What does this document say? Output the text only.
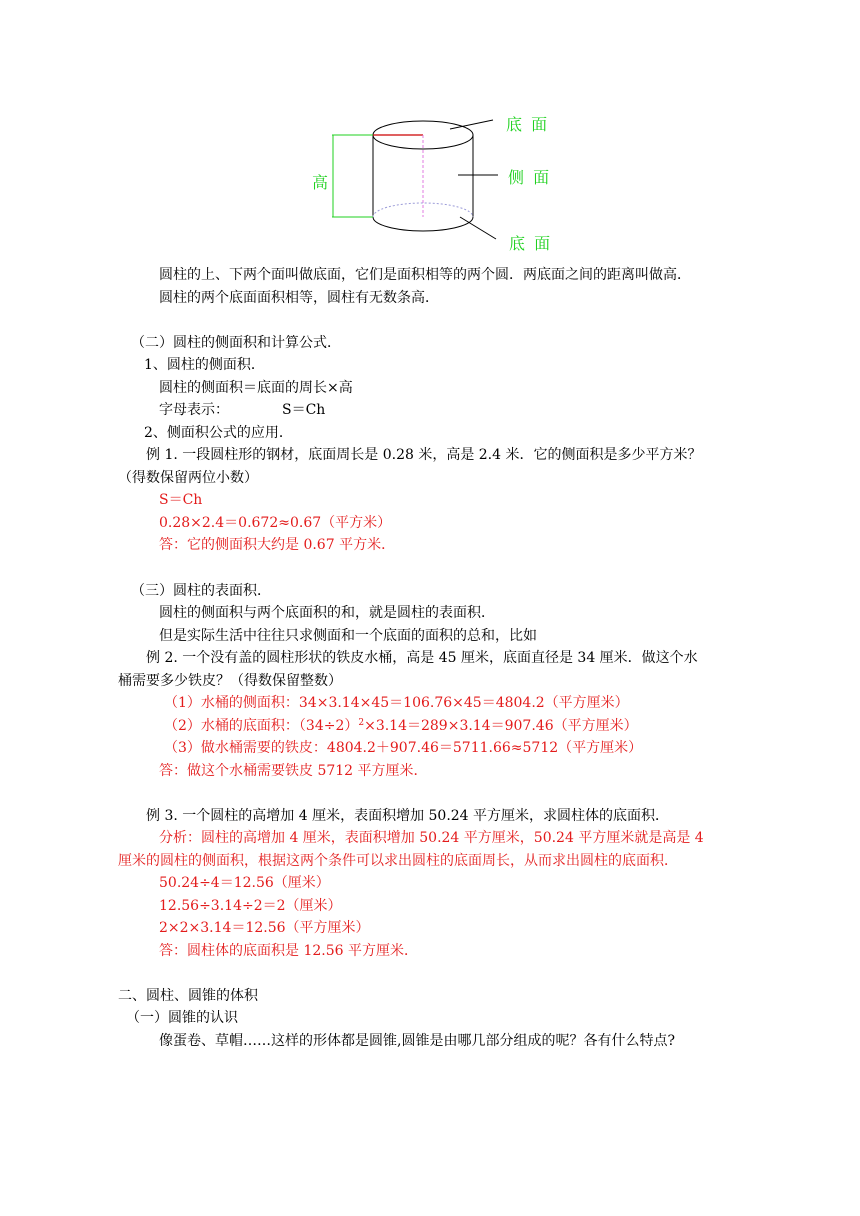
底 面
侧 面
底 面
高
圆柱的上、下两个面叫做底面，它们是面积相等的两个圆．两底面之间的距离叫做高．
圆柱的两个底面面积相等，圆柱有无数条高．
（二）圆柱的侧面积和计算公式．
1、圆柱的侧面积．
圆柱的侧面积＝底面的周长×高
字母表示：	S＝Ch
2、侧面积公式的应用．
例 1. 一段圆柱形的钢材，底面周长是 0.28 米，高是 2.4 米．它的侧面积是多少平方米？
（得数保留两位小数）
S＝Ch
0.28×2.4＝0.672≈0.67（平方米）
答：它的侧面积大约是 0.67 平方米．
（三）圆柱的表面积．
圆柱的侧面积与两个底面积的和，就是圆柱的表面积．
但是实际生活中往往只求侧面和一个底面的面积的总和，比如
例 2. 一个没有盖的圆柱形状的铁皮水桶，高是 45 厘米，底面直径是 34 厘米．做这个水
桶需要多少铁皮？（得数保留整数）
（1）水桶的侧面积：34×3.14×45＝106.76×45＝4804.2（平方厘米）
（2）水桶的底面积：$(34\div 2)^2\times 3.14=289\times 3.14=907.46$（平方厘米）
（3）做水桶需要的铁皮：4804.2＋907.46＝5711.66≈5712（平方厘米）
答：做这个水桶需要铁皮 5712 平方厘米．
例 3. 一个圆柱的高增加 4 厘米，表面积增加 50.24 平方厘米，求圆柱体的底面积．
分析：圆柱的高增加 4 厘米，表面积增加 50.24 平方厘米，50.24 平方厘米就是高是 4
厘米的圆柱的侧面积，根据这两个条件可以求出圆柱的底面周长，从而求出圆柱的底面积．
50.24÷4＝12.56（厘米）
12.56÷3.14÷2＝2（厘米）
2×2×3.14＝12.56（平方厘米）
答：圆柱体的底面积是 12.56 平方厘米．
二、圆柱、圆锥的体积
（一）圆锥的认识
像蛋卷、草帽……这样的形体都是圆锥,圆锥是由哪几部分组成的呢？各有什么特点?
